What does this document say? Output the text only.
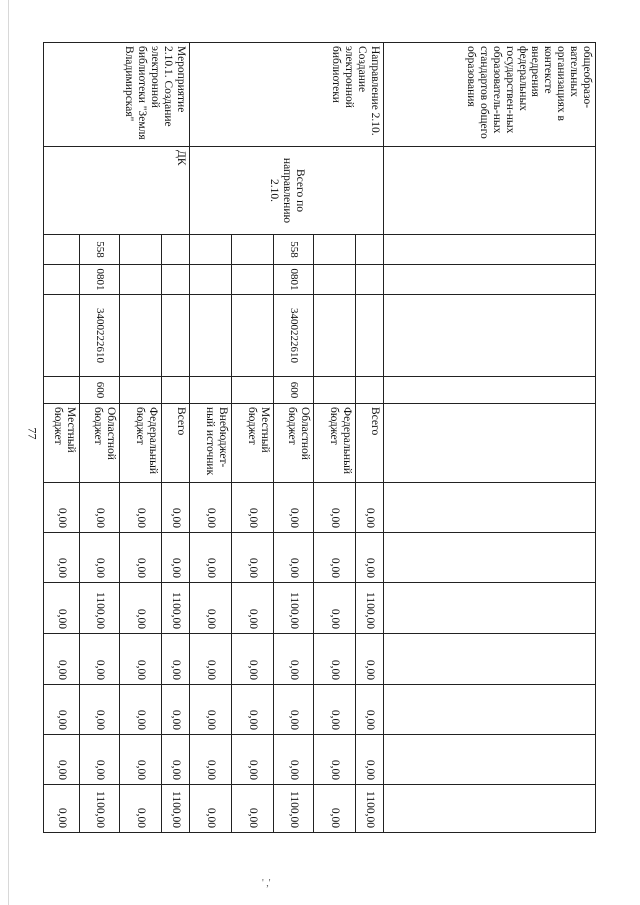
77
' ,'
общеобразо-вательных организациях в контексте внедрения федеральных государствен-ных образователь-ных стандартов общего образования													
Направление 2.10. Создание электронной библиотеки	Всего по направлению 2.10.					Всего	0,00	0,00	1100,00	0,00	0,00	0,00	1100,00
						Федеральный бюджет	0,00	0,00	0,00	0,00	0,00	0,00	0,00
		558	0801	3400222610	600	Областной бюджет	0,00	0,00	1100,00	0,00	0,00	0,00	1100,00
						Местный бюджет	0,00	0,00	0,00	0,00	0,00	0,00	0,00
						Внебюджет-ный источник	0,00	0,00	0,00	0,00	0,00	0,00	0,00
Мероприятие 2.10.1. Создание электронной библиотеки "Земля Владимирская"	ДК					Всего	0,00	0,00	1100,00	0,00	0,00	0,00	1100,00
						Федеральный бюджет	0,00	0,00	0,00	0,00	0,00	0,00	0,00
		558	0801	3400222610	600	Областной бюджет	0,00	0,00	1100,00	0,00	0,00	0,00	1100,00
						Местный бюджет	0,00	0,00	0,00	0,00	0,00	0,00	0,00
